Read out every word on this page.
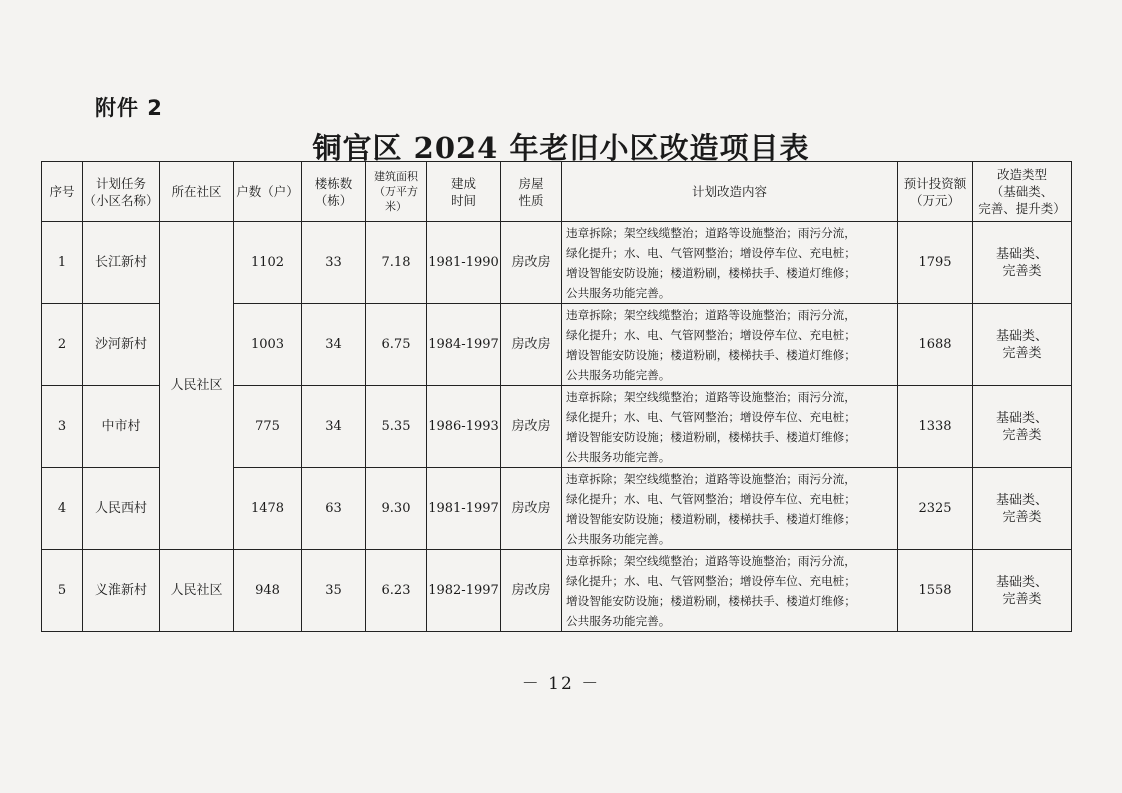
附件 2
铜官区 2024 年老旧小区改造项目表
序号	计划任务
（小区名称）	所在社区	户数（户）	楼栋数
（栋）	建筑面积
（万平方米）	建成
时间	房屋
性质	计划改造内容	预计投资额
（万元）	改造类型
（基础类、
完善、提升类）

1	长江新村	人民社区	1102	33	7.18	1981-1990	房改房	违章拆除；架空线缆整治；道路等设施整治；雨污分流，
绿化提升；水、电、气管网整治；增设停车位、充电桩；
增设智能安防设施；楼道粉刷，楼梯扶手、楼道灯维修；
公共服务功能完善。	1795	基础类、
完善类

2	沙河新村		1003	34	6.75	1984-1997	房改房	违章拆除；架空线缆整治；道路等设施整治；雨污分流，
绿化提升；水、电、气管网整治；增设停车位、充电桩；
增设智能安防设施；楼道粉刷，楼梯扶手、楼道灯维修；
公共服务功能完善。	1688	基础类、
完善类

3	中市村		775	34	5.35	1986-1993	房改房	违章拆除；架空线缆整治；道路等设施整治；雨污分流，
绿化提升；水、电、气管网整治；增设停车位、充电桩；
增设智能安防设施；楼道粉刷，楼梯扶手、楼道灯维修；
公共服务功能完善。	1338	基础类、
完善类

4	人民西村		1478	63	9.30	1981-1997	房改房	违章拆除；架空线缆整治；道路等设施整治；雨污分流，
绿化提升；水、电、气管网整治；增设停车位、充电桩；
增设智能安防设施；楼道粉刷，楼梯扶手、楼道灯维修；
公共服务功能完善。	2325	基础类、
完善类

5	义淮新村	人民社区	948	35	6.23	1982-1997	房改房	违章拆除；架空线缆整治；道路等设施整治；雨污分流，
绿化提升；水、电、气管网整治；增设停车位、充电桩；
增设智能安防设施；楼道粉刷，楼梯扶手、楼道灯维修；
公共服务功能完善。	1558	基础类、
完善类
－ 12 －
